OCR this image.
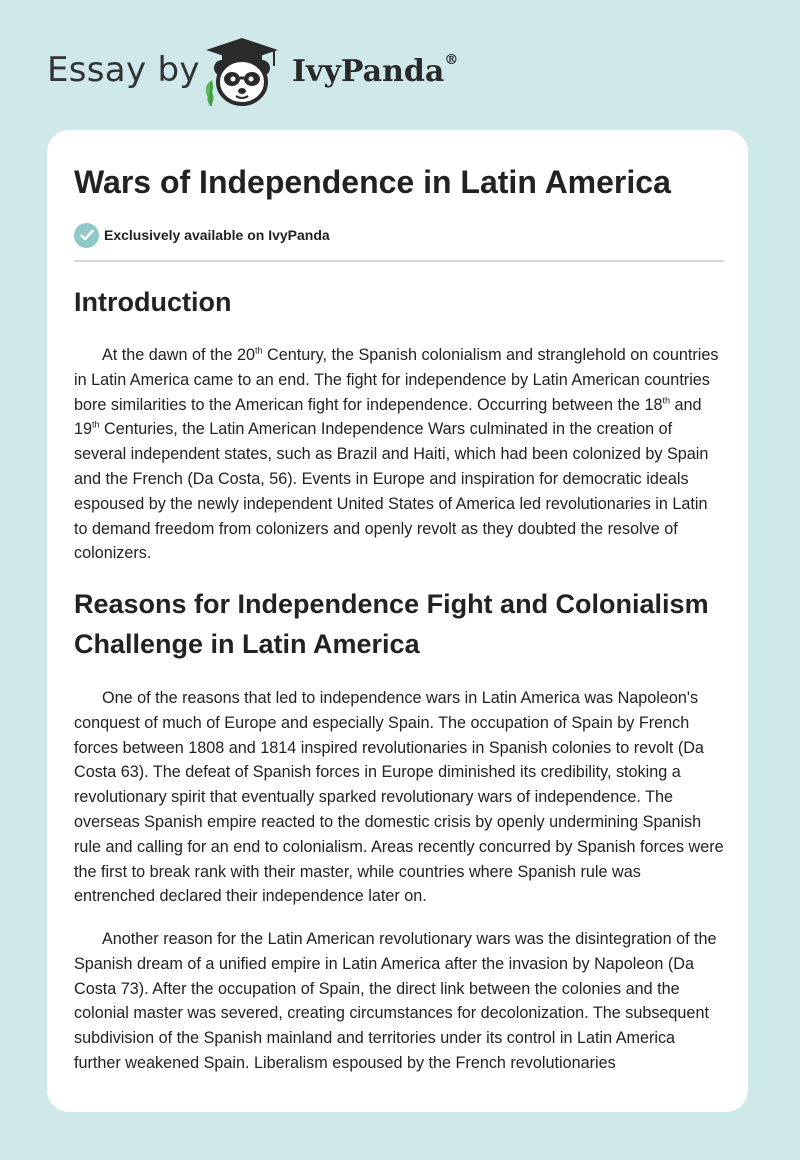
Essay by	IvyPanda®
Wars of Independence in Latin America
Exclusively available on IvyPanda
Introduction

At the dawn of the 20th Century, the Spanish colonialism and stranglehold on countries in Latin America came to an end. The fight for independence by Latin American countries bore similarities to the American fight for independence. Occurring between the 18th and 19th Centuries, the Latin American Independence Wars culminated in the creation of several independent states, such as Brazil and Haiti, which had been colonized by Spain and the French (Da Costa, 56). Events in Europe and inspiration for democratic ideals espoused by the newly independent United States of America led revolutionaries in Latin to demand freedom from colonizers and openly revolt as they doubted the resolve of colonizers.

Reasons for Independence Fight and Colonialism Challenge in Latin America

One of the reasons that led to independence wars in Latin America was Napoleon's conquest of much of Europe and especially Spain. The occupation of Spain by French forces between 1808 and 1814 inspired revolutionaries in Spanish colonies to revolt (Da Costa 63). The defeat of Spanish forces in Europe diminished its credibility, stoking a revolutionary spirit that eventually sparked revolutionary wars of independence. The overseas Spanish empire reacted to the domestic crisis by openly undermining Spanish rule and calling for an end to colonialism. Areas recently concurred by Spanish forces were the first to break rank with their master, while countries where Spanish rule was entrenched declared their independence later on.

Another reason for the Latin American revolutionary wars was the disintegration of the Spanish dream of a unified empire in Latin America after the invasion by Napoleon (Da Costa 73). After the occupation of Spain, the direct link between the colonies and the colonial master was severed, creating circumstances for decolonization. The subsequent subdivision of the Spanish mainland and territories under its control in Latin America further weakened Spain. Liberalism espoused by the French revolutionaries
